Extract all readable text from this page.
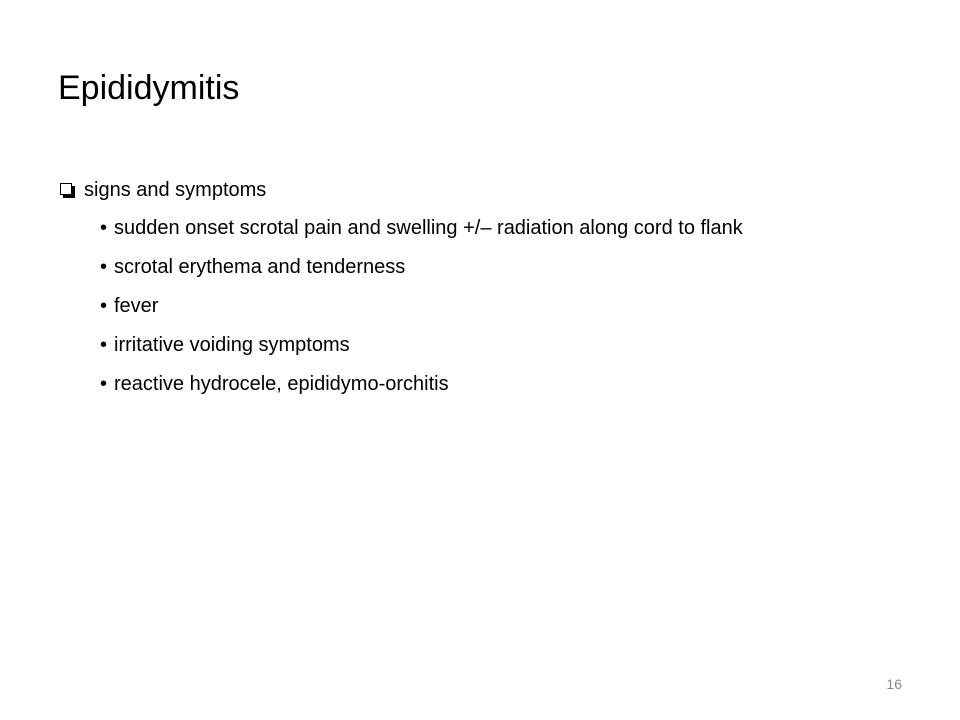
Epididymitis
signs and symptoms
• sudden onset scrotal pain and swelling +/– radiation along cord to flank
• scrotal erythema and tenderness
• fever
• irritative voiding symptoms
• reactive hydrocele, epididymo-orchitis
16
